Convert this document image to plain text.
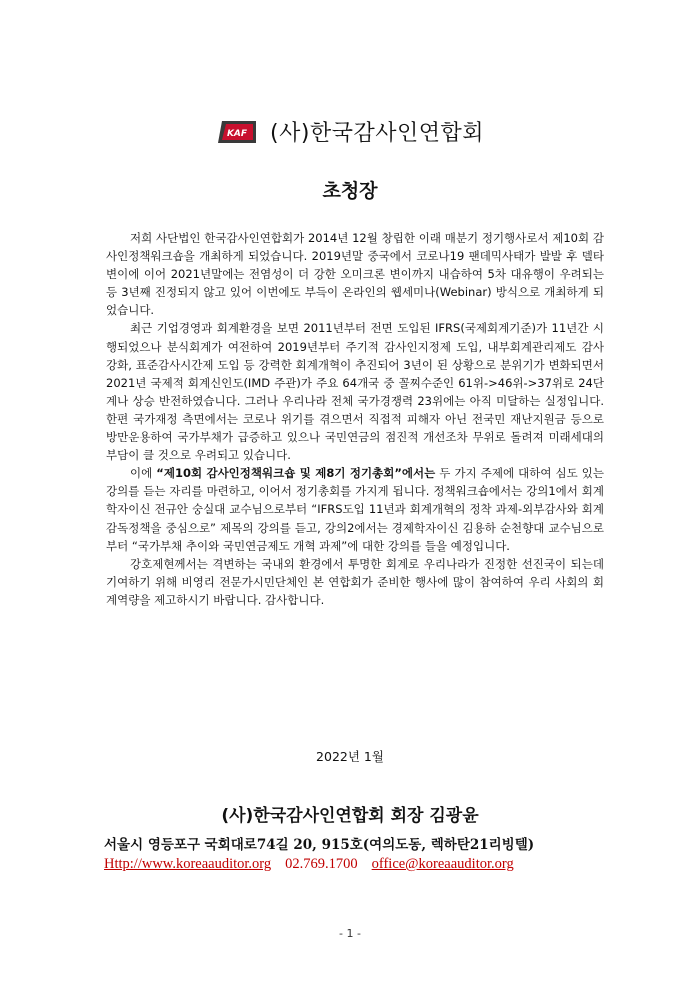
KAF (사)한국감사인연합회
초청장

저희 사단법인 한국감사인연합회가 2014년 12월 창립한 이래 매분기 정기행사로서 제10회 감사인정책워크숍을 개최하게 되었습니다. 2019년말 중국에서 코로나19 팬데믹사태가 발발 후 델타 변이에 이어 2021년말에는 전염성이 더 강한 오미크론 변이까지 내습하여 5차 대유행이 우려되는 등 3년째 진정되지 않고 있어 이번에도 부득이 온라인의 웹세미나(Webinar) 방식으로 개최하게 되었습니다.

최근 기업경영과 회계환경을 보면 2011년부터 전면 도입된 IFRS(국제회계기준)가 11년간 시행되었으나 분식회계가 여전하여 2019년부터 주기적 감사인지정제 도입, 내부회계관리제도 감사 강화, 표준감사시간제 도입 등 강력한 회계개혁이 추진되어 3년이 된 상황으로 분위기가 변화되면서 2021년 국제적 회계신인도(IMD 주관)가 주요 64개국 중 꼴찌수준인 61위->46위->37위로 24단계나 상승 반전하였습니다. 그러나 우리나라 전체 국가경쟁력 23위에는 아직 미달하는 실정입니다. 한편 국가재정 측면에서는 코로나 위기를 겪으면서 직접적 피해자 아닌 전국민 재난지원금 등으로 방만운용하여 국가부채가 급증하고 있으나 국민연금의 점진적 개선조차 무위로 돌려져 미래세대의 부담이 클 것으로 우려되고 있습니다.

이에 “제10회 감사인정책워크숍 및 제8기 정기총회”에서는 두 가지 주제에 대하여 심도 있는 강의를 듣는 자리를 마련하고, 이어서 정기총회를 가지게 됩니다. 정책워크숍에서는 강의1에서 회계학자이신 전규안 숭실대 교수님으로부터 “IFRS도입 11년과 회계개혁의 정착 과제-외부감사와 회계감독정책을 중심으로” 제목의 강의를 듣고, 강의2에서는 경제학자이신 김용하 순천향대 교수님으로부터 “국가부채 추이와 국민연금제도 개혁 과제”에 대한 강의를 들을 예정입니다.

강호제현께서는 격변하는 국내외 환경에서 투명한 회계로 우리나라가 진정한 선진국이 되는데 기여하기 위해 비영리 전문가시민단체인 본 연합회가 준비한 행사에 많이 참여하여 우리 사회의 회계역량을 제고하시기 바랍니다. 감사합니다.

2022년 1월
(사)한국감사인연합회 회장 김광윤
서울시 영등포구 국회대로74길 20, 915호(여의도동, 렉하탄21리빙텔)
Http://www.koreaauditor.org 02.769.1700 office@koreaauditor.org
- 1 -
